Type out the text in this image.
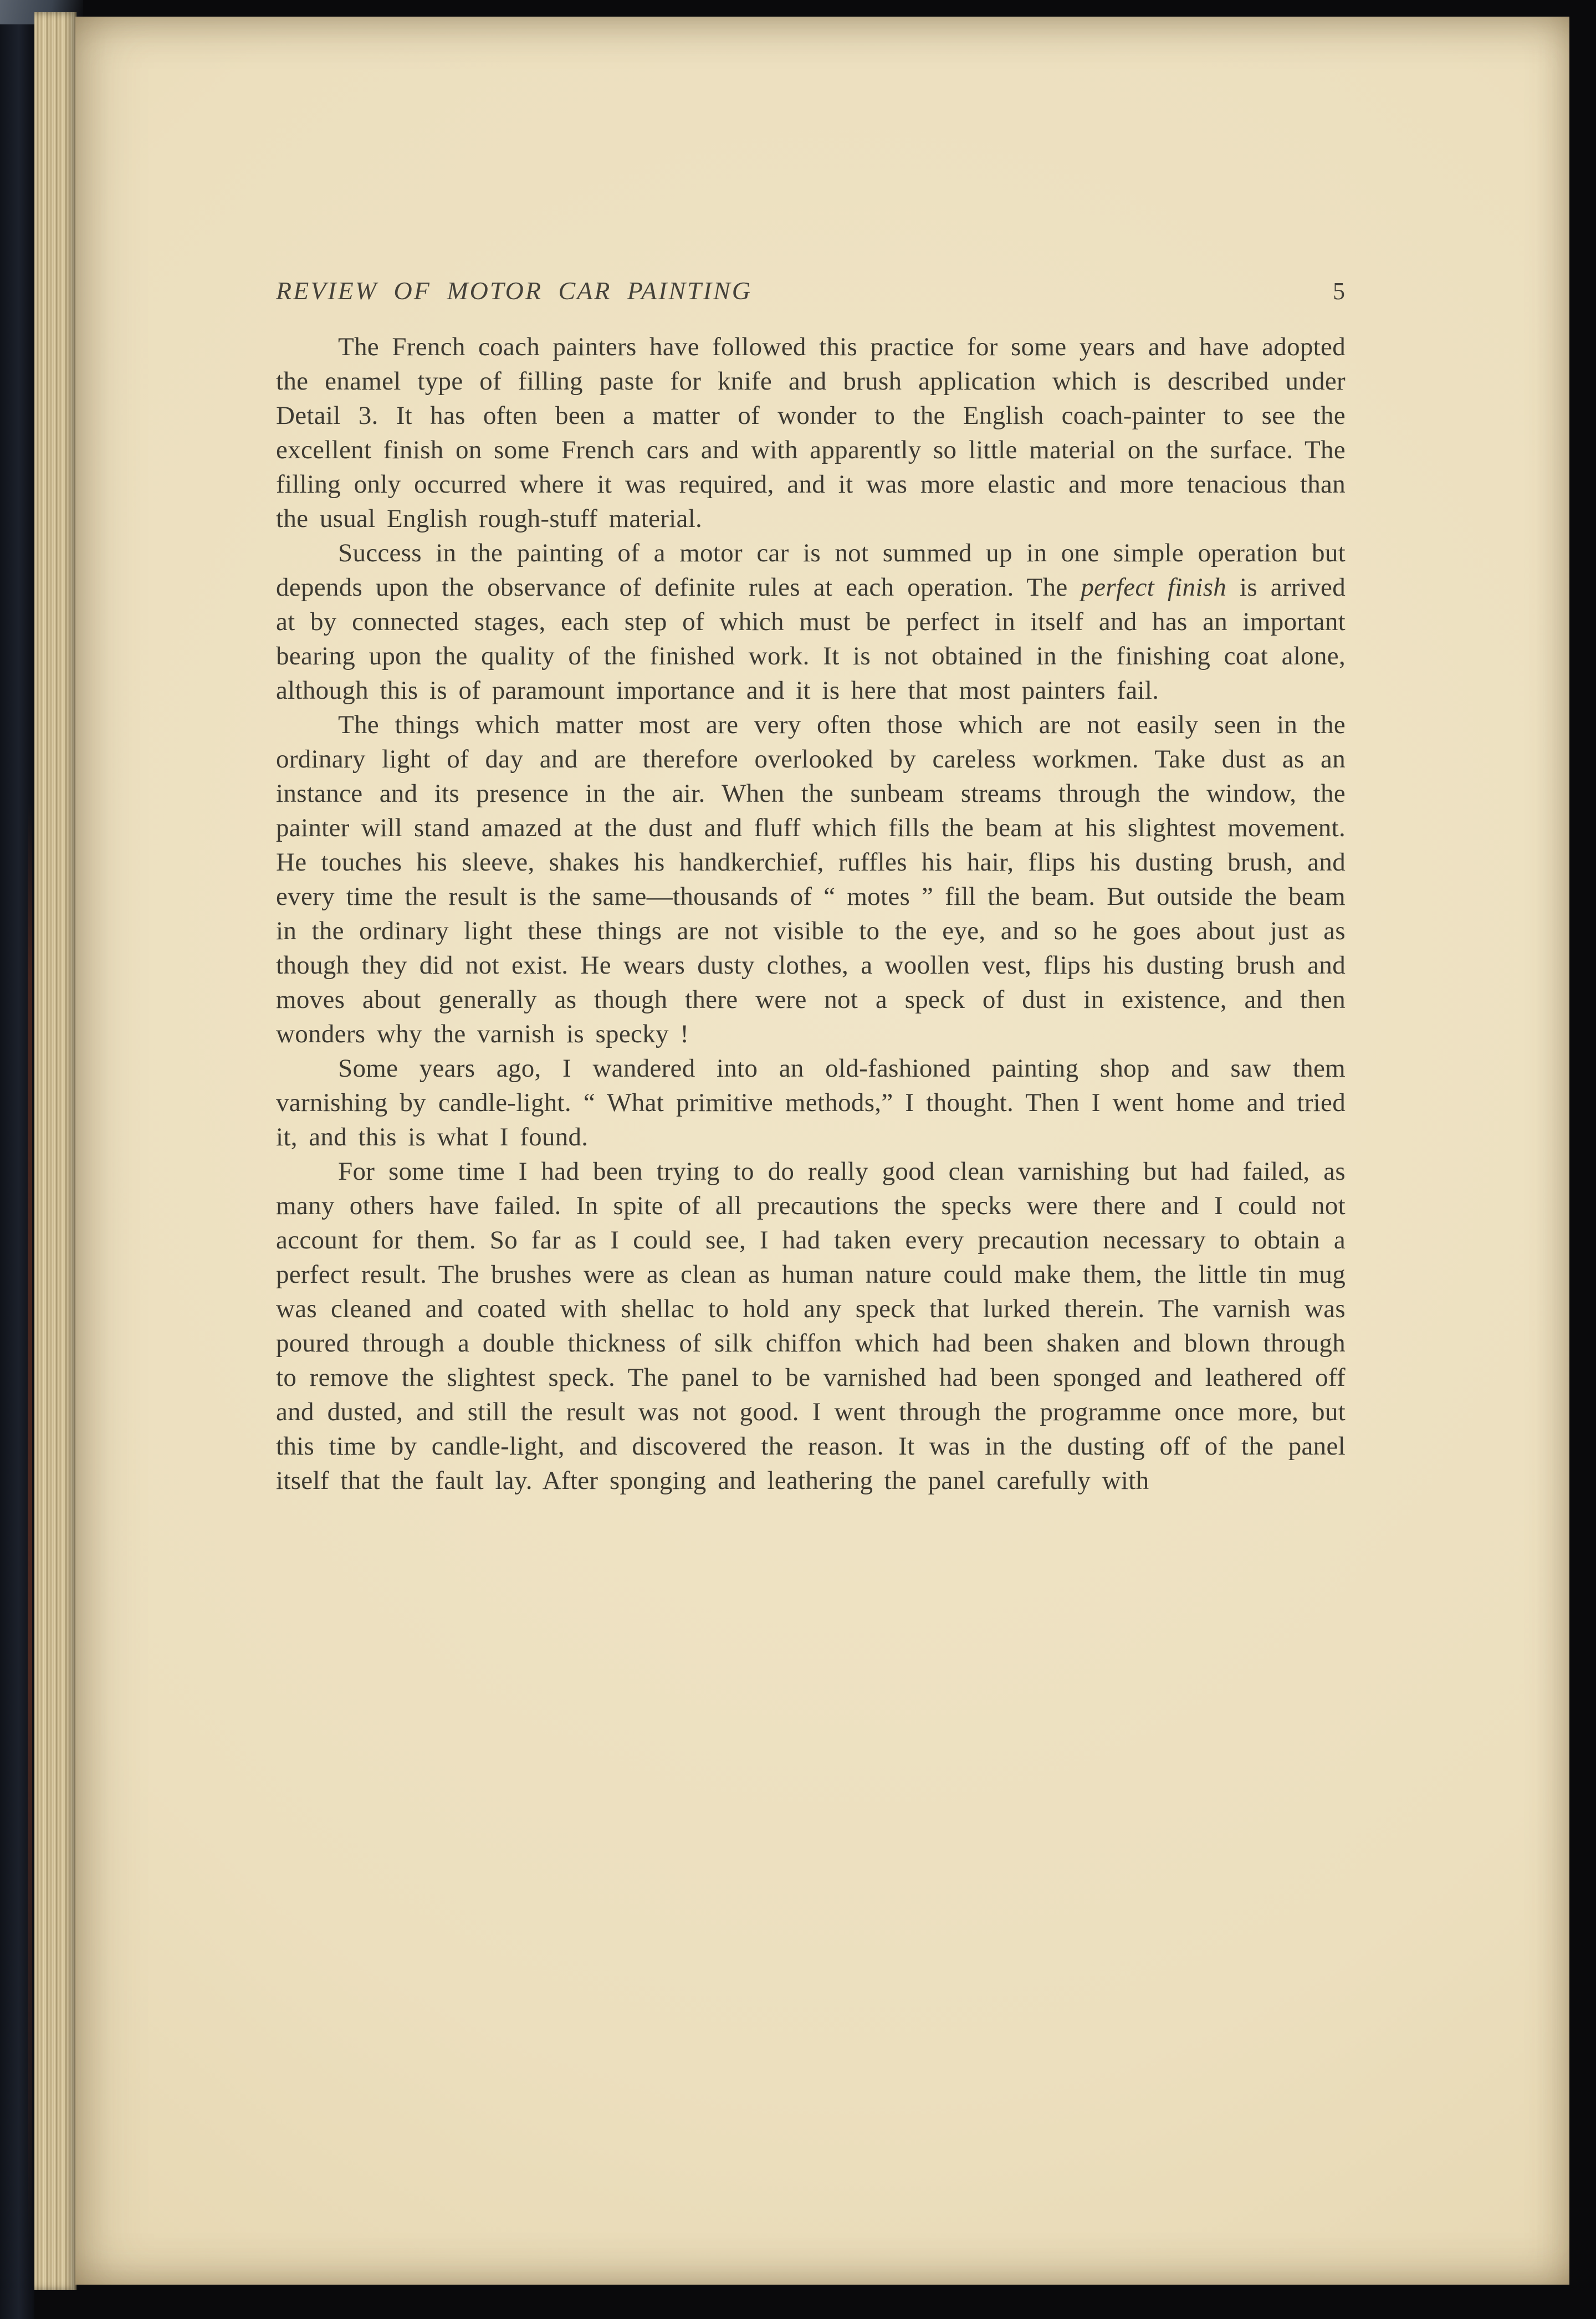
REVIEW OF MOTOR CAR PAINTING	5

The French coach painters have followed this practice for some years and have adopted the enamel type of filling paste for knife and brush application which is described under Detail 3. It has often been a matter of wonder to the English coach-painter to see the excellent finish on some French cars and with apparently so little material on the surface. The filling only occurred where it was required, and it was more elastic and more tenacious than the usual English rough-stuff material.

Success in the painting of a motor car is not summed up in one simple operation but depends upon the observance of definite rules at each operation. The perfect finish is arrived at by connected stages, each step of which must be perfect in itself and has an important bearing upon the quality of the finished work. It is not obtained in the finishing coat alone, although this is of paramount importance and it is here that most painters fail.

The things which matter most are very often those which are not easily seen in the ordinary light of day and are therefore overlooked by careless workmen. Take dust as an instance and its presence in the air. When the sunbeam streams through the window, the painter will stand amazed at the dust and fluff which fills the beam at his slightest movement. He touches his sleeve, shakes his handkerchief, ruffles his hair, flips his dusting brush, and every time the result is the same—thousands of “ motes ” fill the beam. But outside the beam in the ordinary light these things are not visible to the eye, and so he goes about just as though they did not exist. He wears dusty clothes, a woollen vest, flips his dusting brush and moves about generally as though there were not a speck of dust in existence, and then wonders why the varnish is specky !

Some years ago, I wandered into an old-fashioned painting shop and saw them varnishing by candle-light. “ What primitive methods,” I thought. Then I went home and tried it, and this is what I found.

For some time I had been trying to do really good clean varnishing but had failed, as many others have failed. In spite of all precautions the specks were there and I could not account for them. So far as I could see, I had taken every precaution necessary to obtain a perfect result. The brushes were as clean as human nature could make them, the little tin mug was cleaned and coated with shellac to hold any speck that lurked therein. The varnish was poured through a double thickness of silk chiffon which had been shaken and blown through to remove the slightest speck. The panel to be varnished had been sponged and leathered off and dusted, and still the result was not good. I went through the programme once more, but this time by candle-light, and discovered the reason. It was in the dusting off of the panel itself that the fault lay. After sponging and leathering the panel carefully with
